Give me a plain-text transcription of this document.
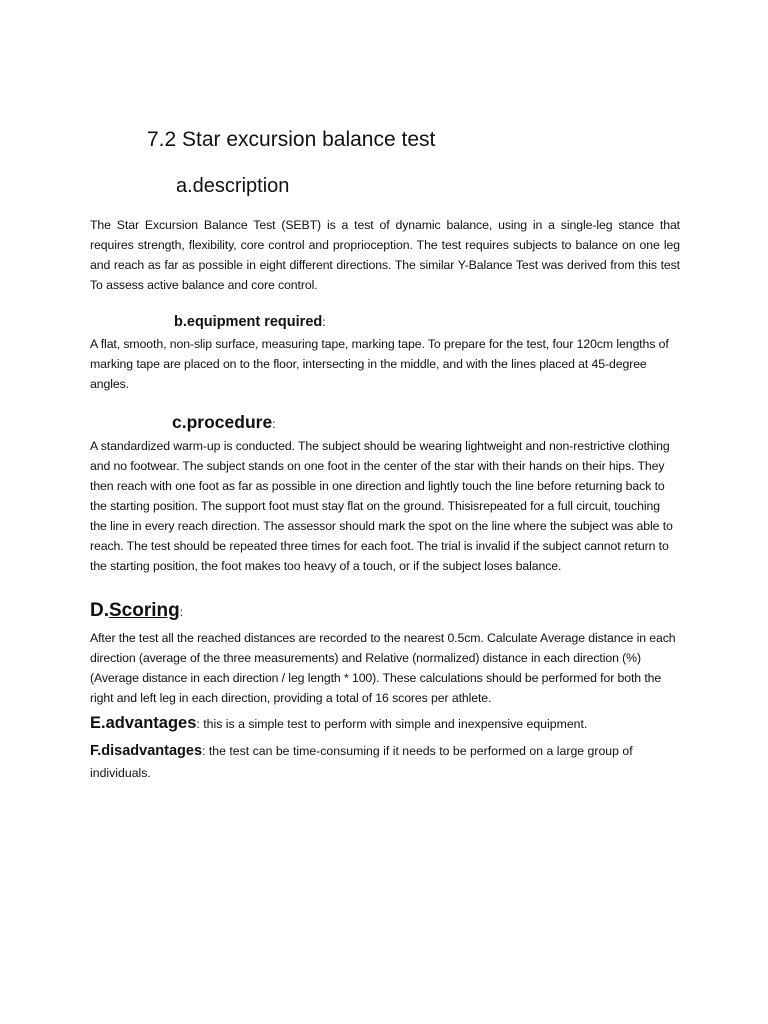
7.2 Star excursion balance test
a.description
The Star Excursion Balance Test (SEBT) is a test of dynamic balance, using in a single-leg stance that requires strength, flexibility, core control and proprioception. The test requires subjects to balance on one leg and reach as far as possible in eight different directions. The similar Y-Balance Test was derived from this test To assess active balance and core control.
b.equipment required:
A flat, smooth, non-slip surface, measuring tape, marking tape. To prepare for the test, four 120cm lengths of marking tape are placed on to the floor, intersecting in the middle, and with the lines placed at 45-degree angles.
c.procedure:
A standardized warm-up is conducted. The subject should be wearing lightweight and non-restrictive clothing and no footwear. The subject stands on one foot in the center of the star with their hands on their hips. They then reach with one foot as far as possible in one direction and lightly touch the line before returning back to the starting position. The support foot must stay flat on the ground. Thisisrepeated for a full circuit, touching the line in every reach direction. The assessor should mark the spot on the line where the subject was able to reach. The test should be repeated three times for each foot. The trial is invalid if the subject cannot return to the starting position, the foot makes too heavy of a touch, or if the subject loses balance.
D.Scoring:
After the test all the reached distances are recorded to the nearest 0.5cm. Calculate Average distance in each direction (average of the three measurements) and Relative (normalized) distance in each direction (%) (Average distance in each direction / leg length * 100). These calculations should be performed for both the right and left leg in each direction, providing a total of 16 scores per athlete.
E.advantages: this is a simple test to perform with simple and inexpensive equipment.
F.disadvantages: the test can be time-consuming if it needs to be performed on a large group of individuals.
